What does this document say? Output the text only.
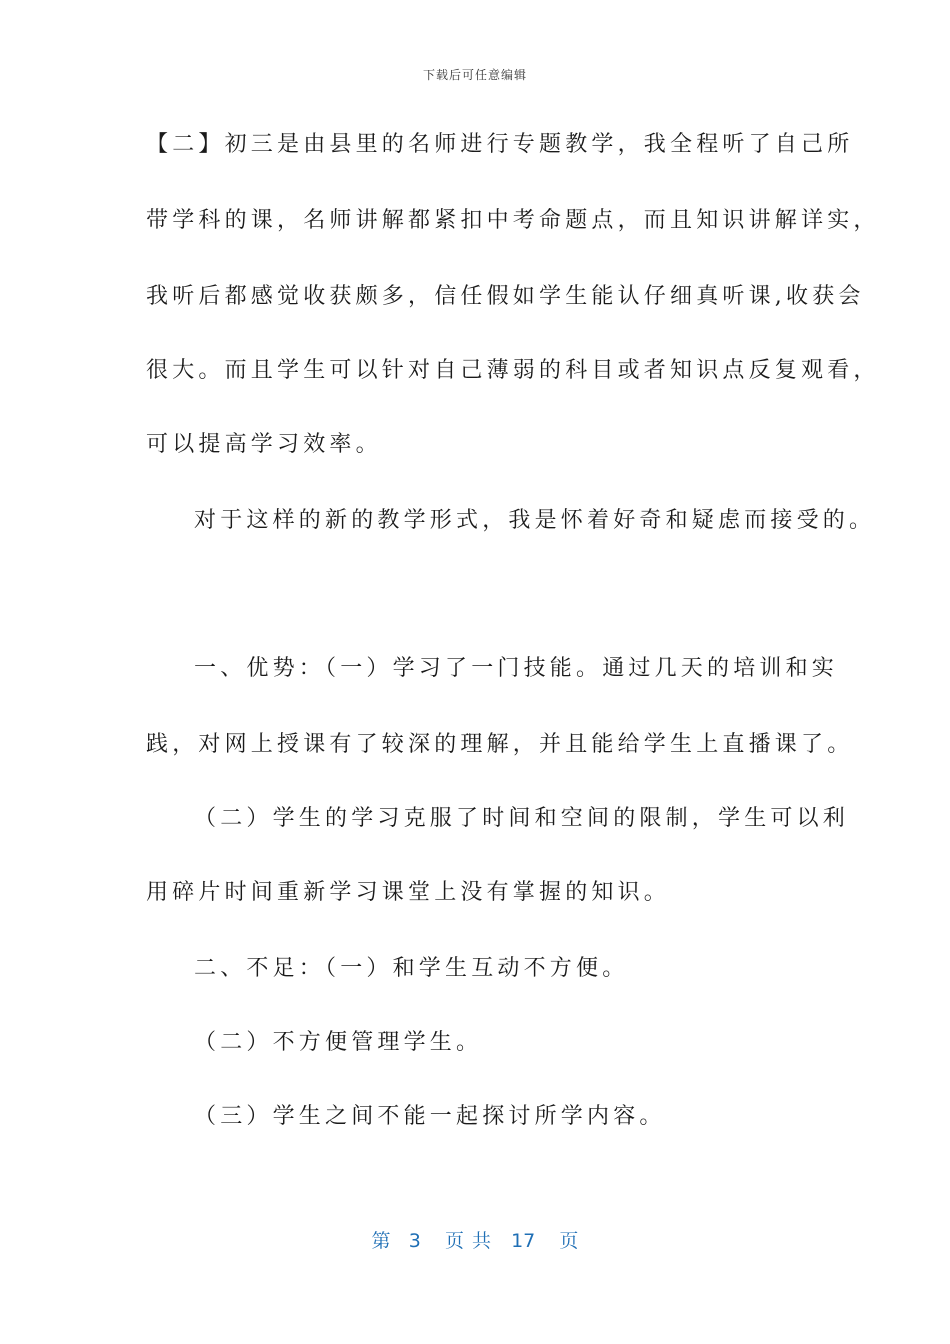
下载后可任意编辑
【二】初三是由县里的名师进行专题教学，我全程听了自己所
带学科的课，名师讲解都紧扣中考命题点，而且知识讲解详实，
我听后都感觉收获颇多，信任假如学生能认仔细真听课,收获会
很大。而且学生可以针对自己薄弱的科目或者知识点反复观看，
可以提高学习效率。
对于这样的新的教学形式，我是怀着好奇和疑虑而接受的。
一、优势：（一）学习了一门技能。通过几天的培训和实
践，对网上授课有了较深的理解，并且能给学生上直播课了。
（二）学生的学习克服了时间和空间的限制，学生可以利
用碎片时间重新学习课堂上没有掌握的知识。
二、不足：（一）和学生互动不方便。
（二）不方便管理学生。
（三）学生之间不能一起探讨所学内容。
第 3 页共 17 页
